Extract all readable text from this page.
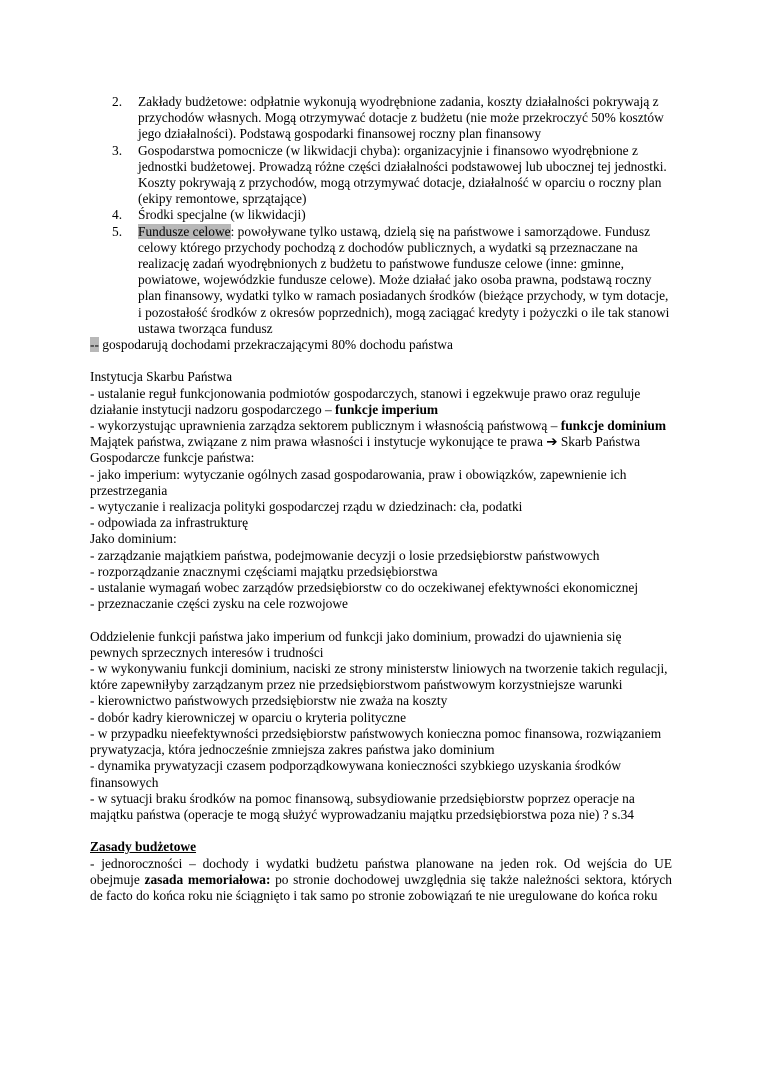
2. Zakłady budżetowe: odpłatnie wykonują wyodrębnione zadania, koszty działalności pokrywają z przychodów własnych. Mogą otrzymywać dotacje z budżetu (nie może przekroczyć 50% kosztów jego działalności). Podstawą gospodarki finansowej roczny plan finansowy
3. Gospodarstwa pomocnicze (w likwidacji chyba): organizacyjnie i finansowo wyodrębnione z jednostki budżetowej. Prowadzą różne części działalności podstawowej lub ubocznej tej jednostki. Koszty pokrywają z przychodów, mogą otrzymywać dotacje, działalność w oparciu o roczny plan (ekipy remontowe, sprzątające)
4. Środki specjalne (w likwidacji)
5. Fundusze celowe: powoływane tylko ustawą, dzielą się na państwowe i samorządowe. Fundusz celowy którego przychody pochodzą z dochodów publicznych, a wydatki są przeznaczane na realizację zadań wyodrębnionych z budżetu to państwowe fundusze celowe (inne: gminne, powiatowe, wojewódzkie fundusze celowe). Może działać jako osoba prawna, podstawą roczny plan finansowy, wydatki tylko w ramach posiadanych środków (bieżące przychody, w tym dotacje, i pozostałość środków z okresów poprzednich), mogą zaciągać kredyty i pożyczki o ile tak stanowi ustawa tworząca fundusz

-- gospodarują dochodami przekraczającymi 80% dochodu państwa

Instytucja Skarbu Państwa

- ustalanie reguł funkcjonowania podmiotów gospodarczych, stanowi i egzekwuje prawo oraz reguluje działanie instytucji nadzoru gospodarczego – funkcje imperium

- wykorzystując uprawnienia zarządza sektorem publicznym i własnością państwową – funkcje dominium

Majątek państwa, związane z nim prawa własności i instytucje wykonujące te prawa ➔ Skarb Państwa

Gospodarcze funkcje państwa:

- jako imperium: wytyczanie ogólnych zasad gospodarowania, praw i obowiązków, zapewnienie ich przestrzegania

- wytyczanie i realizacja polityki gospodarczej rządu w dziedzinach: cła, podatki

- odpowiada za infrastrukturę

Jako dominium:

- zarządzanie majątkiem państwa, podejmowanie decyzji o losie przedsiębiorstw państwowych

- rozporządzanie znacznymi częściami majątku przedsiębiorstwa

- ustalanie wymagań wobec zarządów przedsiębiorstw co do oczekiwanej efektywności ekonomicznej

- przeznaczanie części zysku na cele rozwojowe

Oddzielenie funkcji państwa jako imperium od funkcji jako dominium, prowadzi do ujawnienia się pewnych sprzecznych interesów i trudności

- w wykonywaniu funkcji dominium, naciski ze strony ministerstw liniowych na tworzenie takich regulacji, które zapewniłyby zarządzanym przez nie przedsiębiorstwom państwowym korzystniejsze warunki

- kierownictwo państwowych przedsiębiorstw nie zważa na koszty

- dobór kadry kierowniczej w oparciu o kryteria polityczne

- w przypadku nieefektywności przedsiębiorstw państwowych konieczna pomoc finansowa, rozwiązaniem prywatyzacja, która jednocześnie zmniejsza zakres państwa jako dominium

- dynamika prywatyzacji czasem podporządkowywana konieczności szybkiego uzyskania środków finansowych

- w sytuacji braku środków na pomoc finansową, subsydiowanie przedsiębiorstw poprzez operacje na majątku państwa (operacje te mogą służyć wyprowadzaniu majątku przedsiębiorstwa poza nie) ? s.34

Zasady budżetowe

- jednoroczności – dochody i wydatki budżetu państwa planowane na jeden rok. Od wejścia do UE obejmuje zasada memoriałowa: po stronie dochodowej uwzględnia się także należności sektora, których de facto do końca roku nie ściągnięto i tak samo po stronie zobowiązań te nie uregulowane do końca roku
